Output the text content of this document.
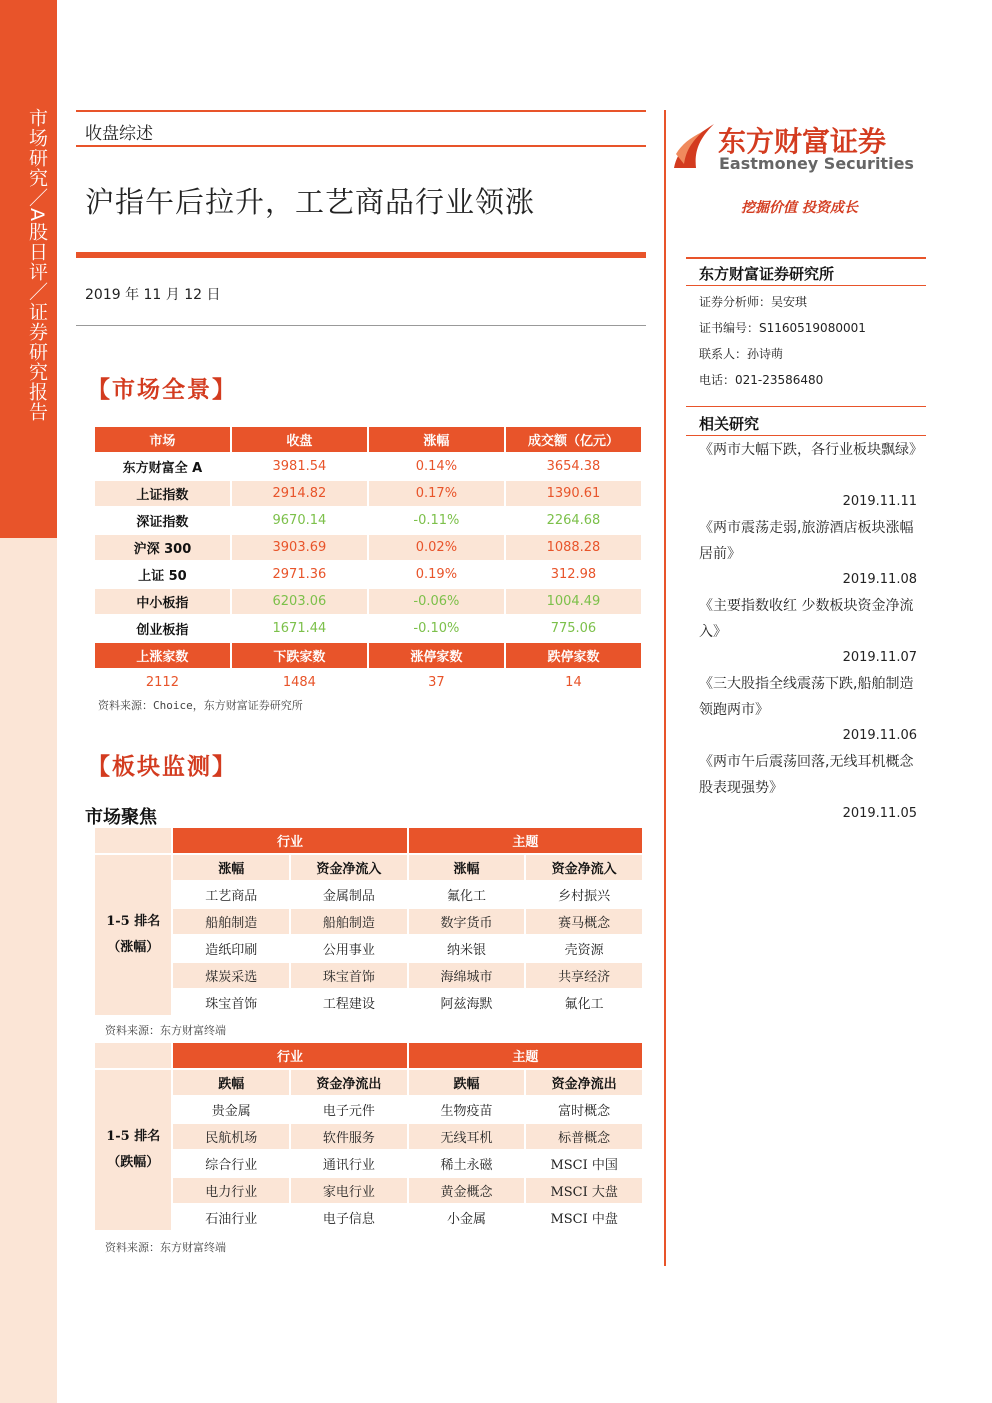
市场研究／A股日评／证券研究报告 收盘综述
沪指午后拉升，工艺商品行业领涨
2019 年 11 月 12 日
【市场全景】
市场	收盘	涨幅	成交额（亿元）
东方财富全 A	3981.54	0.14%	3654.38
上证指数	2914.82	0.17%	1390.61
深证指数	9670.14	-0.11%	2264.68
沪深 300	3903.69	0.02%	1088.28
上证 50	2971.36	0.19%	312.98
中小板指	6203.06	-0.06%	1004.49
创业板指	1671.44	-0.10%	775.06
上涨家数	下跌家数	涨停家数	跌停家数
2112	1484	37	14
资料来源：Choice，东方财富证券研究所
【板块监测】
市场聚焦
	行业		主题	
1-5 排名
（涨幅）	涨幅	资金净流入	涨幅	资金净流入
	工艺商品	金属制品	氟化工	乡村振兴
	船舶制造	船舶制造	数字货币	赛马概念
	造纸印刷	公用事业	纳米银	壳资源
	煤炭采选	珠宝首饰	海绵城市	共享经济
	珠宝首饰	工程建设	阿兹海默	氟化工
资料来源：东方财富终端
	行业		主题	
1-5 排名
（跌幅）	跌幅	资金净流出	跌幅	资金净流出
	贵金属	电子元件	生物疫苗	富时概念
	民航机场	软件服务	无线耳机	标普概念
	综合行业	通讯行业	稀土永磁	MSCI 中国
	电力行业	家电行业	黄金概念	MSCI 大盘
	石油行业	电子信息	小金属	MSCI 中盘
资料来源：东方财富终端
东方财富证券
Eastmoney Securities
挖掘价值 投资成长
东方财富证券研究所
证券分析师：吴安琪
证书编号：S1160519080001
联系人：孙诗萌
电话：021-23586480
相关研究
《两市大幅下跌，各行业板块飘绿》
2019.11.11
《两市震荡走弱,旅游酒店板块涨幅居前》
2019.11.08
《主要指数收红 少数板块资金净流入》
2019.11.07
《三大股指全线震荡下跌,船舶制造领跑两市》
2019.11.06
《两市午后震荡回落,无线耳机概念股表现强势》
2019.11.05
